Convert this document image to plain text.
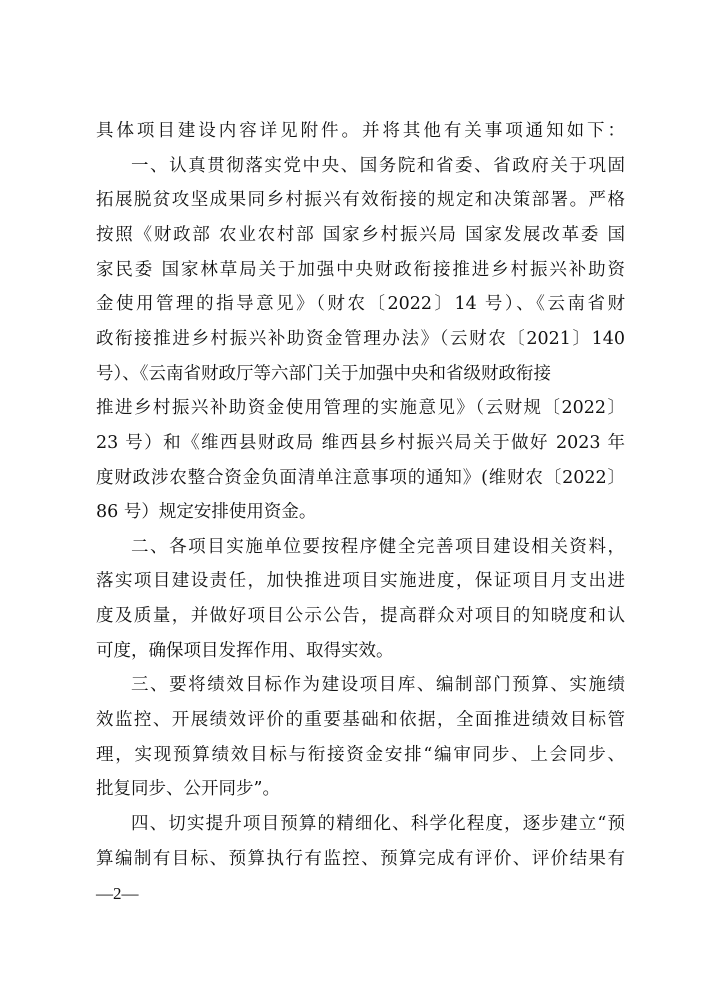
具体项目建设内容详见附件。并将其他有关事项通知如下：
一、认真贯彻落实党中央、国务院和省委、省政府关于巩固
拓展脱贫攻坚成果同乡村振兴有效衔接的规定和决策部署。严格
按照《财政部 农业农村部 国家乡村振兴局 国家发展改革委 国
家民委 国家林草局关于加强中央财政衔接推进乡村振兴补助资
金使用管理的指导意见》（财农〔2022〕14 号）、《云南省财
政衔接推进乡村振兴补助资金管理办法》（云财农〔2021〕140
号）、《云南省财政厅等六部门关于加强中央和省级财政衔接
推进乡村振兴补助资金使用管理的实施意见》（云财规〔2022〕
23 号）和《维西县财政局 维西县乡村振兴局关于做好 2023 年
度财政涉农整合资金负面清单注意事项的通知》(维财农〔2022〕
86 号）规定安排使用资金。
二、各项目实施单位要按程序健全完善项目建设相关资料，
落实项目建设责任，加快推进项目实施进度，保证项目月支出进
度及质量，并做好项目公示公告，提高群众对项目的知晓度和认
可度，确保项目发挥作用、取得实效。
三、要将绩效目标作为建设项目库、编制部门预算、实施绩
效监控、开展绩效评价的重要基础和依据，全面推进绩效目标管
理，实现预算绩效目标与衔接资金安排“编审同步、上会同步、
批复同步、公开同步”。
四、切实提升项目预算的精细化、科学化程度，逐步建立“预
算编制有目标、预算执行有监控、预算完成有评价、评价结果有
—2—
